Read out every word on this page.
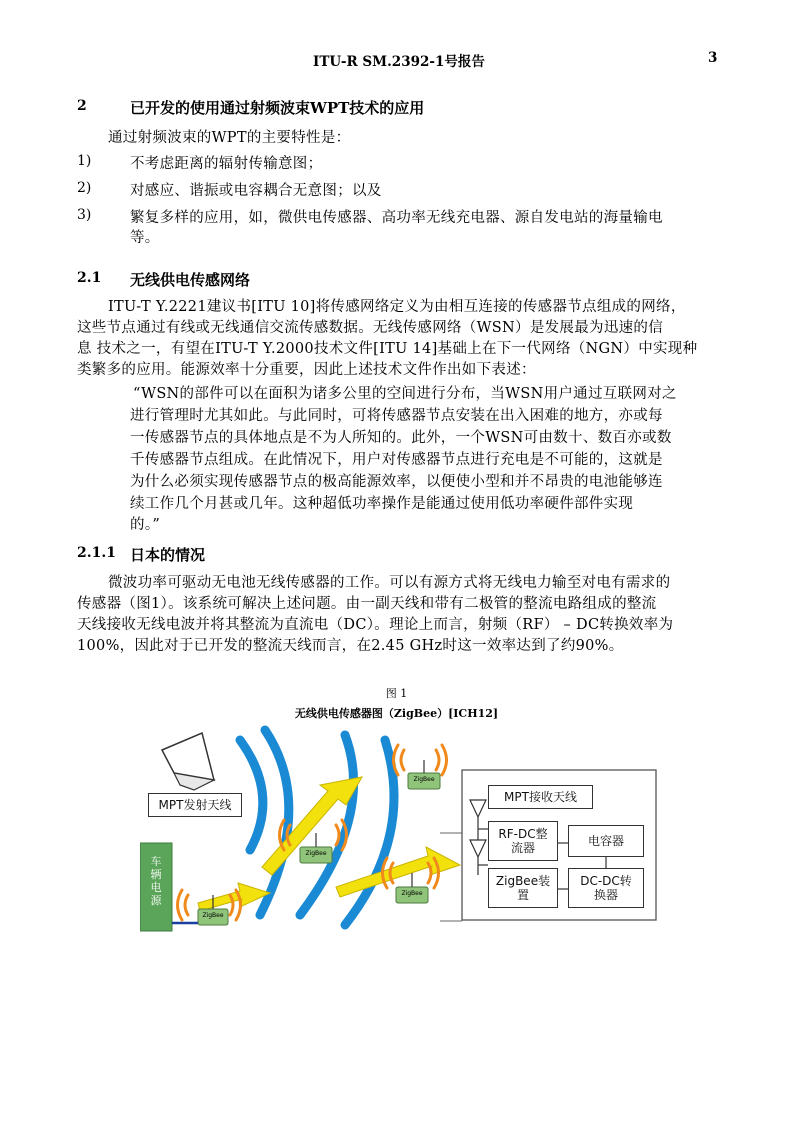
ITU-R SM.2392-1号报告	3
2	已开发的使用通过射频波束WPT技术的应用
通过射频波束的WPT的主要特性是：
1)	不考虑距离的辐射传输意图；
2)	对感应、谐振或电容耦合无意图；以及
3)	繁复多样的应用，如，微供电传感器、高功率无线充电器、源自发电站的海量输电
等。
2.1 无线供电传感网络
ITU-T Y.2221建议书[ITU 10]将传感网络定义为由相互连接的传感器节点组成的网络，
这些节点通过有线或无线通信交流传感数据。无线传感网络（WSN）是发展最为迅速的信
息 技术之一，有望在ITU-T Y.2000技术文件[ITU 14]基础上在下一代网络（NGN）中实现种
类繁多的应用。能源效率十分重要，因此上述技术文件作出如下表述：
“WSN的部件可以在面积为诸多公里的空间进行分布，当WSN用户通过互联网对之
进行管理时尤其如此。与此同时，可将传感器节点安装在出入困难的地方，亦或每
一传感器节点的具体地点是不为人所知的。此外，一个WSN可由数十、数百亦或数
千传感器节点组成。在此情况下，用户对传感器节点进行充电是不可能的，这就是
为什么必须实现传感器节点的极高能源效率，以便使小型和并不昂贵的电池能够连
续工作几个月甚或几年。这种超低功率操作是能通过使用低功率硬件部件实现
的。”
2.1.1 日本的情况
微波功率可驱动无电池无线传感器的工作。可以有源方式将无线电力输至对电有需求的
传感器（图1）。该系统可解决上述问题。由一副天线和带有二极管的整流电路组成的整流
天线接收无线电波并将其整流为直流电（DC）。理论上而言，射频（RF） – DC转换效率为
100%，因此对于已开发的整流天线而言，在2.45 GHz时这一效率达到了约90%。
图 1
无线供电传感器图（ZigBee）[ICH12]
MPT发射天线
车辆电源
ZigBee
ZigBee
ZigBee
ZigBee
MPT接收天线
RF-DC整流器	电容器
ZigBee装置
DC-DC转换器
